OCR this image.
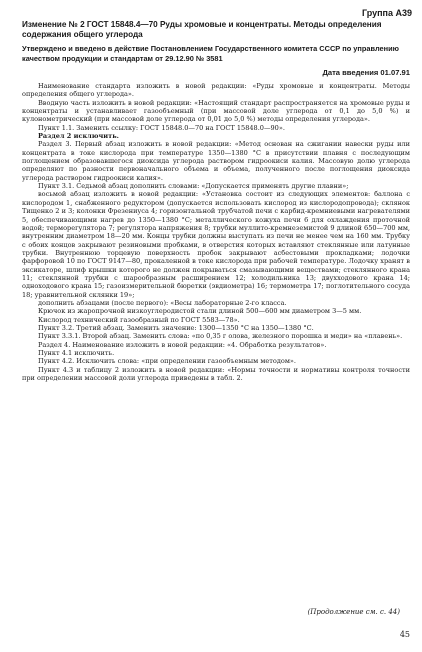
Группа А39
Изменение № 2 ГОСТ 15848.4—70 Руды хромовые и концентраты. Методы определения содержания общего углерода
Утверждено и введено в действие Постановлением Государственного комитета СССР по управлению качеством продукции и стандартам от 29.12.90 № 3581
Дата введения 01.07.91

Наименование стандарта изложить в новой редакции: «Руды хромовые и концентраты. Методы определения общего углерода».

Вводную часть изложить в новой редакции: «Настоящий стандарт распространяется на хромовые руды и концентраты и устанавливает газообъемный (при массовой доле углерода от 0,1 до 5,0 %) и кулонометрический (при массовой доле углерода от 0,01 до 5,0 %) методы определения углерода».

Пункт 1.1. Заменить ссылку: ГОСТ 15848.0—70 на ГОСТ 15848.0—90».

Раздел 2 исключить.

Раздел 3. Первый абзац изложить в новой редакции: «Метод основан на сжигании навески руды или концентрата в токе кислорода при температуре 1350—1380 °С в присутствии плавня с последующим поглощением образовавшегося диоксида углерода раствором гидроокиси калия. Массовую долю углерода определяют по разности первоначального объема и объема, полученного после поглощения диоксида углерода раствором гидроокиси калия».

Пункт 3.1. Седьмой абзац дополнить словами: «Допускается применять другие плавни»;

восьмой абзац изложить в новой редакции: «Установка состоит из следующих элементов: баллона с кислородом 1, снабженного редуктором (допускается использовать кислород из кислородопровода); склянок Тищенко 2 и 3; колонки Фрезениуса 4; горизонтальной трубчатой печи с карбид-кремниевыми нагревателями 5, обеспечивающими нагрев до 1350—1380 °С; металлического кожуха печи 6 для охлаждения проточной водой; терморегулятора 7; регулятора напряжения 8; трубки муллито-кремнеземистой 9 длиной 650—700 мм, внутренним диаметром 18—20 мм. Концы трубки должны выступать из печи не менее чем на 160 мм. Трубку с обоих концов закрывают резиновыми пробками, в отверстия которых вставляют стеклянные или латунные трубки. Внутреннюю торцевую поверхность пробок закрывают асбестовыми прокладками; лодочки фарфоровой 10 по ГОСТ 9147—80, прокаленной в токе кислорода при рабочей температуре. Лодочку хранят в эксикаторе, шлиф крышки которого не должен покрываться смазывающими веществами; стеклянного крана 11; стеклянной трубки с шарообразным расширением 12; холодильника 13; двухходового крана 14; одноходового крана 15; газоизмерительной бюретки (эвдиометра) 16; термометра 17; поглотительного сосуда 18; уравнительной склянки 19»;

дополнить абзацами (после первого): «Весы лабораторные 2-го класса.

Крючок из жаропрочной низкоуглеродистой стали длиной 500—600 мм диаметром 3—5 мм.

Кислород технический газообразный по ГОСТ 5583—78».

Пункт 3.2. Третий абзац. Заменить значение: 1300—1350 °С на 1350—1380 °С.

Пункт 3.3.1. Второй абзац. Заменить слова: «по 0,35 г олова, железного порошка и меди» на «плавень».

Раздел 4. Наименование изложить в новой редакции: «4. Обработка результатов».

Пункт 4.1 исключить.

Пункт 4.2. Исключить слова: «при определении газообъемным методом».

Пункт 4.3 и таблицу 2 изложить в новой редакции: «Нормы точности и нормативы контроля точности при определении массовой доли углерода приведены в табл. 2.

(Продолжение см. с. 44)
45
